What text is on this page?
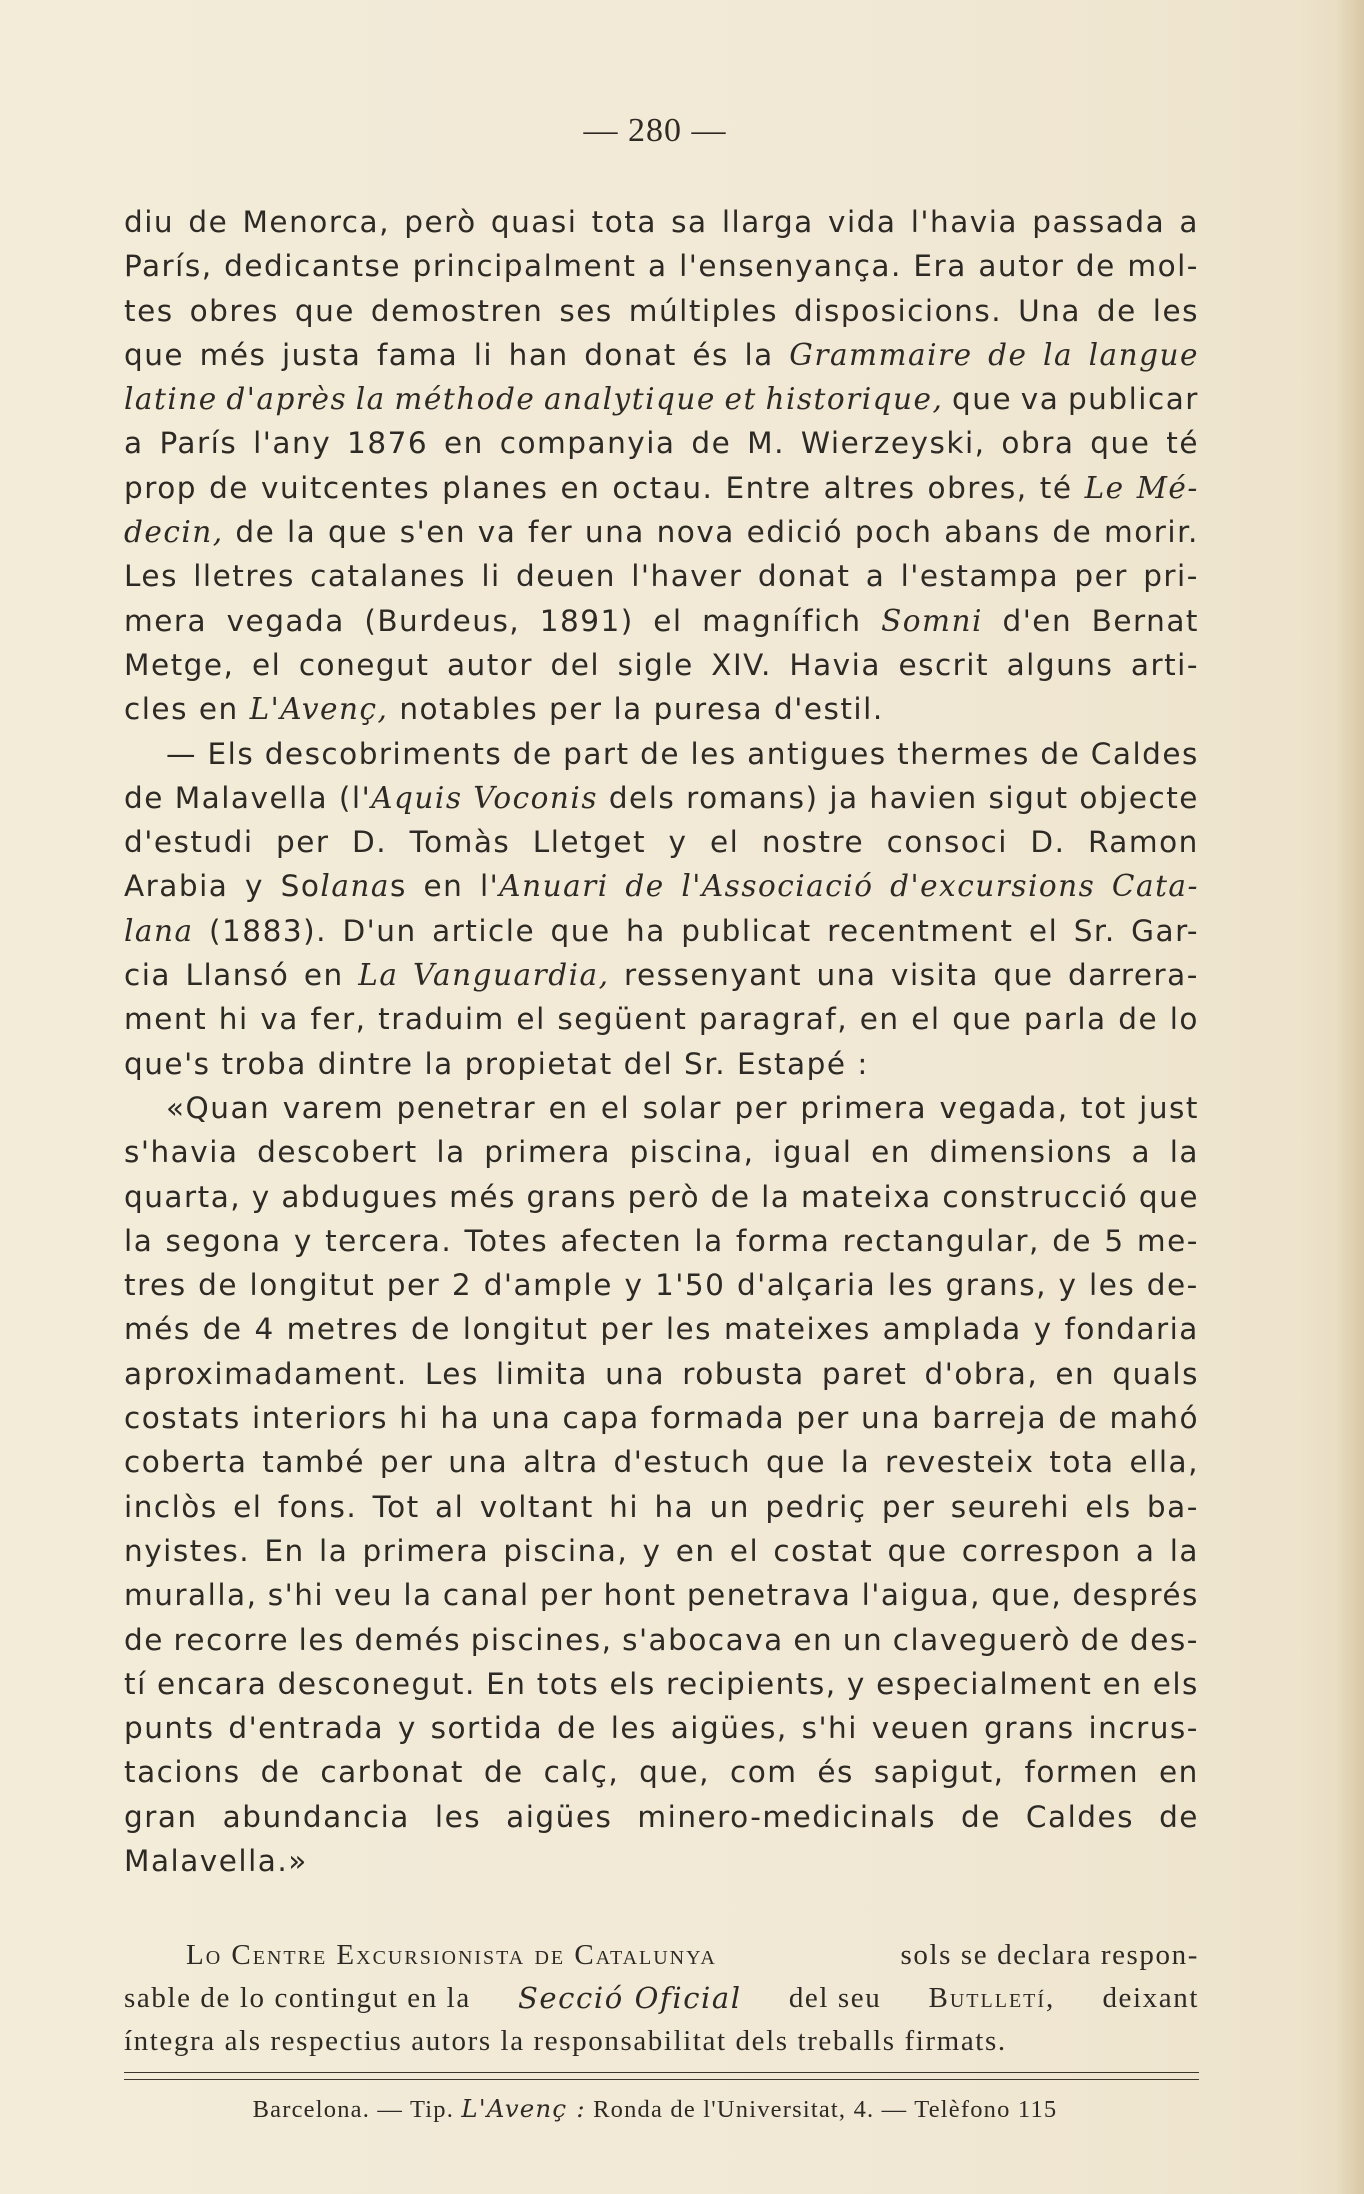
— 280 —
diu de Menorca, però quasi tota sa llarga vida l'havia passada a
París, dedicantse principalment a l'ensenyança. Era autor de mol-
tes obres que demostren ses múltiples disposicions. Una de les
que més justa fama li han donat és la Grammaire de la langue
latine d'après la méthode analytique et historique, que va publicar
a París l'any 1876 en companyia de M. Wierzeyski, obra que té
prop de vuitcentes planes en octau. Entre altres obres, té Le Mé-
decin, de la que s'en va fer una nova edició poch abans de morir.
Les lletres catalanes li deuen l'haver donat a l'estampa per pri-
mera vegada (Burdeus, 1891) el magnífich Somni d'en Bernat
Metge, el conegut autor del sigle XIV. Havia escrit alguns arti-
cles
en
L'Avenç,
notables
per
la
puresa
d'estil.

— Els descobriments de part de les antigues thermes de Caldes
de Malavella (l'Aquis Voconis dels romans) ja havien sigut objecte
d'estudi per D. Tomàs Lletget y el nostre consoci D. Ramon
Arabia y Solanas en l'Anuari de l'Associació d'excursions Cata-
lana (1883). D'un article que ha publicat recentment el Sr. Gar-
cia Llansó en La Vanguardia, ressenyant una visita que darrera-
ment hi va fer, traduim el següent paragraf, en el que parla de lo
que's
troba
dintre
la
propietat
del
Sr.
Estapé
:

«Quan varem penetrar en el solar per primera vegada, tot just
s'havia descobert la primera piscina, igual en dimensions a la
quarta, y abdugues més grans però de la mateixa construcció que
la segona y tercera. Totes afecten la forma rectangular, de 5 me-
tres de longitut per 2 d'ample y 1'50 d'alçaria les grans, y les de-
més de 4 metres de longitut per les mateixes amplada y fondaria
aproximadament. Les limita una robusta paret d'obra, en quals
costats interiors hi ha una capa formada per una barreja de mahó
coberta també per una altra d'estuch que la revesteix tota ella,
inclòs el fons. Tot al voltant hi ha un pedriç per seurehi els ba-
nyistes. En la primera piscina, y en el costat que correspon a la
muralla, s'hi veu la canal per hont penetrava l'aigua, que, després
de recorre les demés piscines, s'abocava en un claveguerò de des-
tí encara desconegut. En tots els recipients, y especialment en els
punts d'entrada y sortida de les aigües, s'hi veuen grans incrus-
tacions de carbonat de calç, que, com és sapigut, formen en
gran abundancia les aigües minero-medicinals de Caldes de
Malavella.»

Lo Centre Excursionista de Catalunya	sols se declara respon-
sable de lo contingut en la Secció Oficial del seu Butlletí, deixant
íntegra als respectius autors la responsabilitat dels treballs firmats.
Barcelona. — Tip. L'Avenç : Ronda de l'Universitat, 4. — Telèfono 115
